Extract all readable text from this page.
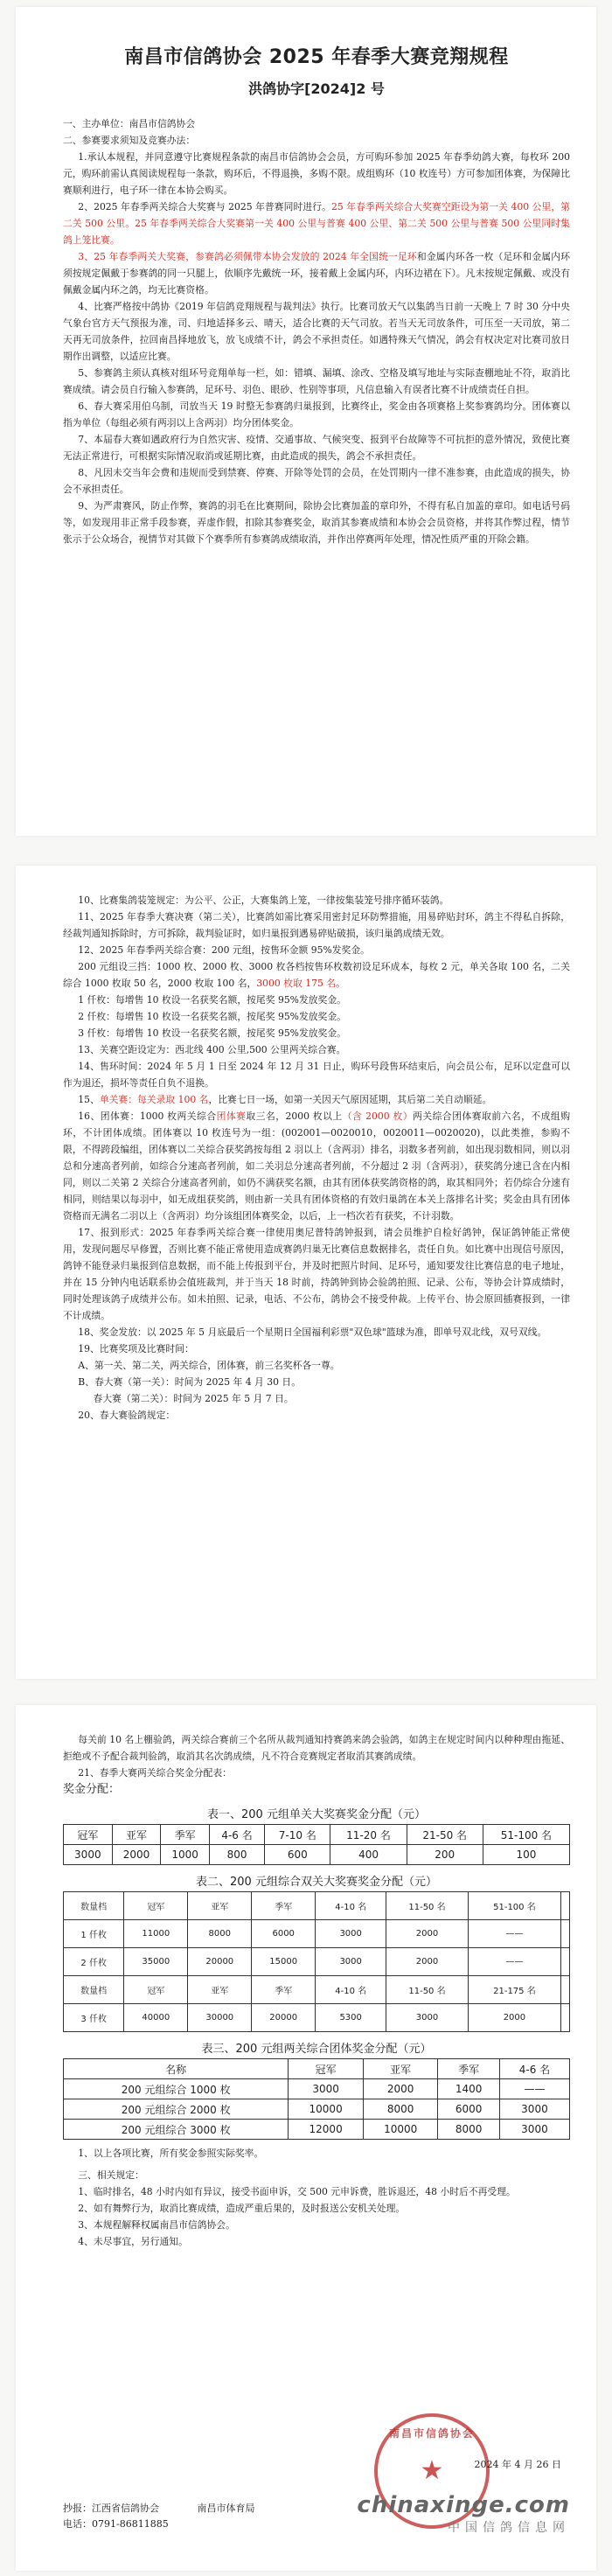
南昌市信鸽协会 2025 年春季大赛竞翔规程
洪鸽协字[2024]2 号

一、主办单位：南昌市信鸽协会

二、参赛要求须知及竞赛办法：

1.承认本规程，并同意遵守比赛规程条款的南昌市信鸽协会会员，方可购环参加 2025 年春季幼鸽大赛，每枚环 200 元，购环前需认真阅读规程每一条款，购环后，不得退换，多购不限。成组购环（10 枚连号）方可参加团体赛，为保障比赛顺利进行，电子环一律在本协会购买。

2、2025 年春季两关综合大奖赛与 2025 年普赛同时进行。25 年春季两关综合大奖赛空距设为第一关 400 公里，第二关 500 公里。25 年春季两关综合大奖赛第一关 400 公里与普赛 400 公里、第二关 500 公里与普赛 500 公里同时集鸽上笼比赛。

3、25 年春季两关大奖赛，参赛鸽必须佩带本协会发放的 2024 年全国统一足环和金属内环各一枚（足环和金属内环须按规定佩戴于参赛鸽的同一只腿上，依顺序先戴统一环，接着戴上金属内环，内环边裙在下）。凡未按规定佩戴、或没有佩戴金属内环之鸽，均无比赛资格。

4、比赛严格按中鸽协《2019 年信鸽竞翔规程与裁判法》执行。比赛司放天气以集鸽当日前一天晚上 7 时 30 分中央气象台官方天气预报为准，司、归地适择多云、晴天，适合比赛的天气司放。若当天无司放条件，可压至一天司放，第二天再无司放条件，拉回南昌择地放飞，放飞成绩不计，鸽会不承担责任。如遇特殊天气情况，鸽会有权决定对比赛司放日期作出调整，以适应比赛。

5、参赛鸽主须认真核对组环号竞翔单每一栏，如：错填、漏填、涂改、空格及填写地址与实际查棚地址不符，取消比赛成绩。请会员自行输入参赛鸽，足环号、羽色、眼砂、性别等事项，凡信息输入有误者比赛不计成绩责任自担。

6、春大赛采用伯乌制，司放当天 19 时整无参赛鸽归巢报到，比赛终止，奖金由各项赛格上奖参赛鸽均分。团体赛以指为单位（每组必须有两羽以上含两羽）均分团体奖金。

7、本届春大赛如遇政府行为自然灾害、疫情、交通事故、气候突变、报到平台故障等不可抗拒的意外情况，致使比赛无法正常进行，可根据实际情况取消或延期比赛，由此造成的损失，鸽会不承担责任。

8、凡因未交当年会费和违规而受到禁赛、停赛、开除等处罚的会员，在处罚期内一律不准参赛，由此造成的损失，协会不承担责任。

9、为严肃赛风，防止作弊，赛鸽的羽毛在比赛期间，除协会比赛加盖的章印外，不得有私自加盖的章印。如电话号码等，如发现用非正常手段参赛，弄虚作假，扣除其参赛奖金，取消其参赛成绩和本协会会员资格，并将其作弊过程，情节张示于公众场合，视情节对其做下个赛季所有参赛鸽成绩取消，并作出停赛两年处理，情况性质严重的开除会籍。

10、比赛集鸽装笼规定：为公平、公正，大赛集鸽上笼，一律按集装笼号排序循环装鸽。

11、2025 年春季大赛决赛（第二关），比赛鸽如需比赛采用密封足环防弊措施，用易碎贴封环，鸽主不得私自拆除，经裁判通知拆除时，方可拆除，裁判验证时，如归巢报到遇易碎贴破损，该归巢鸽成绩无效。

12、2025 年春季两关综合赛：200 元组，按售环金额 95%发奖金。

200 元组设三挡：1000 枚、2000 枚、3000 枚各档按售环枚数初设足环成本，每枚 2 元，单关各取 100 名，二关综合 1000 枚取 50 名，2000 枚取 100 名，3000 枚取 175 名。

1 仟枚：每增售 10 枚设一名获奖名额，按尾奖 95%发放奖金。

2 仟枚：每增售 10 枚设一名获奖名额，按尾奖 95%发放奖金。

3 仟枚：每增售 10 枚设一名获奖名额，按尾奖 95%发放奖金。

13、关赛空距设定为：西北线 400 公里,500 公里两关综合赛。

14、售环时间：2024 年 5 月 1 日至 2024 年 12 月 31 日止，购环号段售环结束后，向会员公布，足环以定盘可以作为退还，损坏等责任自负不退换。

15、单关赛：每关录取 100 名，比赛七日一场，如第一关因天气原因延期，其后第二关自动顺延。

16、团体赛：1000 枚两关综合团体赛取三名，2000 枚以上（含 2000 枚）两关综合团体赛取前六名，不成组购环，不计团体成绩。团体赛以 10 枚连号为一组：(002001—0020010，0020011—0020020)，以此类推，参购不限，不得跨段编组，团体赛以二关综合获奖鸽按每组 2 羽以上（含两羽）排名，羽数多者列前，如出现羽数相同，则以羽总和分速高者列前，如综合分速高者列前，如二关羽总分速高者列前，不分超过 2 羽（含两羽），获奖鸽分速已含在内相同，则以二关第 2 关综合分速高者列前，如仍不满获奖名额，由其有团体获奖鸽资格的鸽，取其相同外；若仍综合分速有相同，则结果以每羽中，如无成组获奖鸽，则由新一关具有团体资格的有效归巢鸽在本关上落排名计奖；奖金由具有团体资格而无满名二羽以上（含两羽）均分该组团体赛奖金，以后，上一档次若有获奖，不计羽数。

17、报到形式：2025 年春季两关综合赛一律使用奥尼普特鸽钟报到，请会员维护自检好鸽钟，保证鸽钟能正常使用，发现问题尽早修置，否则比赛不能正常使用造成赛鸽归巢无比赛信息数据排名，责任自负。如比赛中出现信号原因，鸽钟不能登录归巢报到信息数据，而不能上传报到平台，并及时把照片时间、足环号，通知要发往比赛信息的电子地址，并在 15 分钟内电话联系协会值班裁判，并于当天 18 时前，持鸽钟到协会验鸽拍照、记录、公布，等协会计算成绩时，同时处理该鸽子成绩并公布。如未拍照、记录，电话、不公布，鸽协会不接受仲裁。上传平台、协会原回插赛报到，一律不计成绩。

18、奖金发放：以 2025 年 5 月底最后一个星期日全国福利彩票"双色球"篮球为准，即单号双北线，双号双线。

19、比赛奖项及比赛时间：

A、第一关、第二关，两关综合，团体赛，前三名奖杯各一尊。

B、春大赛（第一关）：时间为 2025 年 4 月 30 日。

春大赛（第二关）：时间为 2025 年 5 月 7 日。

20、春大赛验鸽规定：

每关前 10 名上棚验鸽，两关综合赛前三个名所从裁判通知持赛鸽来鸽会验鸽，如鸽主在规定时间内以种种理由拖延、拒绝或不予配合裁判验鸽，取消其名次鸽成绩，凡不符合竞赛规定者取消其赛鸽成绩。

21、春季大赛两关综合奖金分配表：

奖金分配：

表一、200 元组单关大奖赛奖金分配（元）
冠军	亚军	季军	4-6 名	7-10 名	11-20 名	21-50 名	51-100 名
3000	2000	1000	800	600	400	200	100
表二、200 元组综合双关大奖赛奖金分配（元）
数量档	冠军	亚军	季军	4-10 名	11-50 名	51-100 名	
1 仟枚	11000	8000	6000	3000	2000	——	
2 仟枚	35000	20000	15000	3000	2000	——	
数量档	冠军	亚军	季军	4-10 名	11-50 名	21-175 名	
3 仟枚	40000	30000	20000	5300	3000	2000	
表三、200 元组两关综合团体奖金分配（元）
名称	冠军	亚军	季军	4-6 名
200 元组综合 1000 枚	3000	2000	1400	——
200 元组综合 2000 枚	10000	8000	6000	3000
200 元组综合 3000 枚	12000	10000	8000	3000

1、以上各项比赛，所有奖金参照实际奖率。

三、相关规定：

1、临时排名，48 小时内如有异议，接受书面申诉，交 500 元申诉费，胜诉退还，48 小时后不再受理。

2、如有舞弊行为，取消比赛成绩，造成严重后果的，及时报送公安机关处理。

3、本规程解释权属南昌市信鸽协会。

4、未尽事宜，另行通知。

南昌市信鸽协会
★	2024 年 4 月 26 日
chinaxinge.com
中国信鸽信息网
抄报：江西省信鸽协会	南昌市体育局
电话：0791-86811885
